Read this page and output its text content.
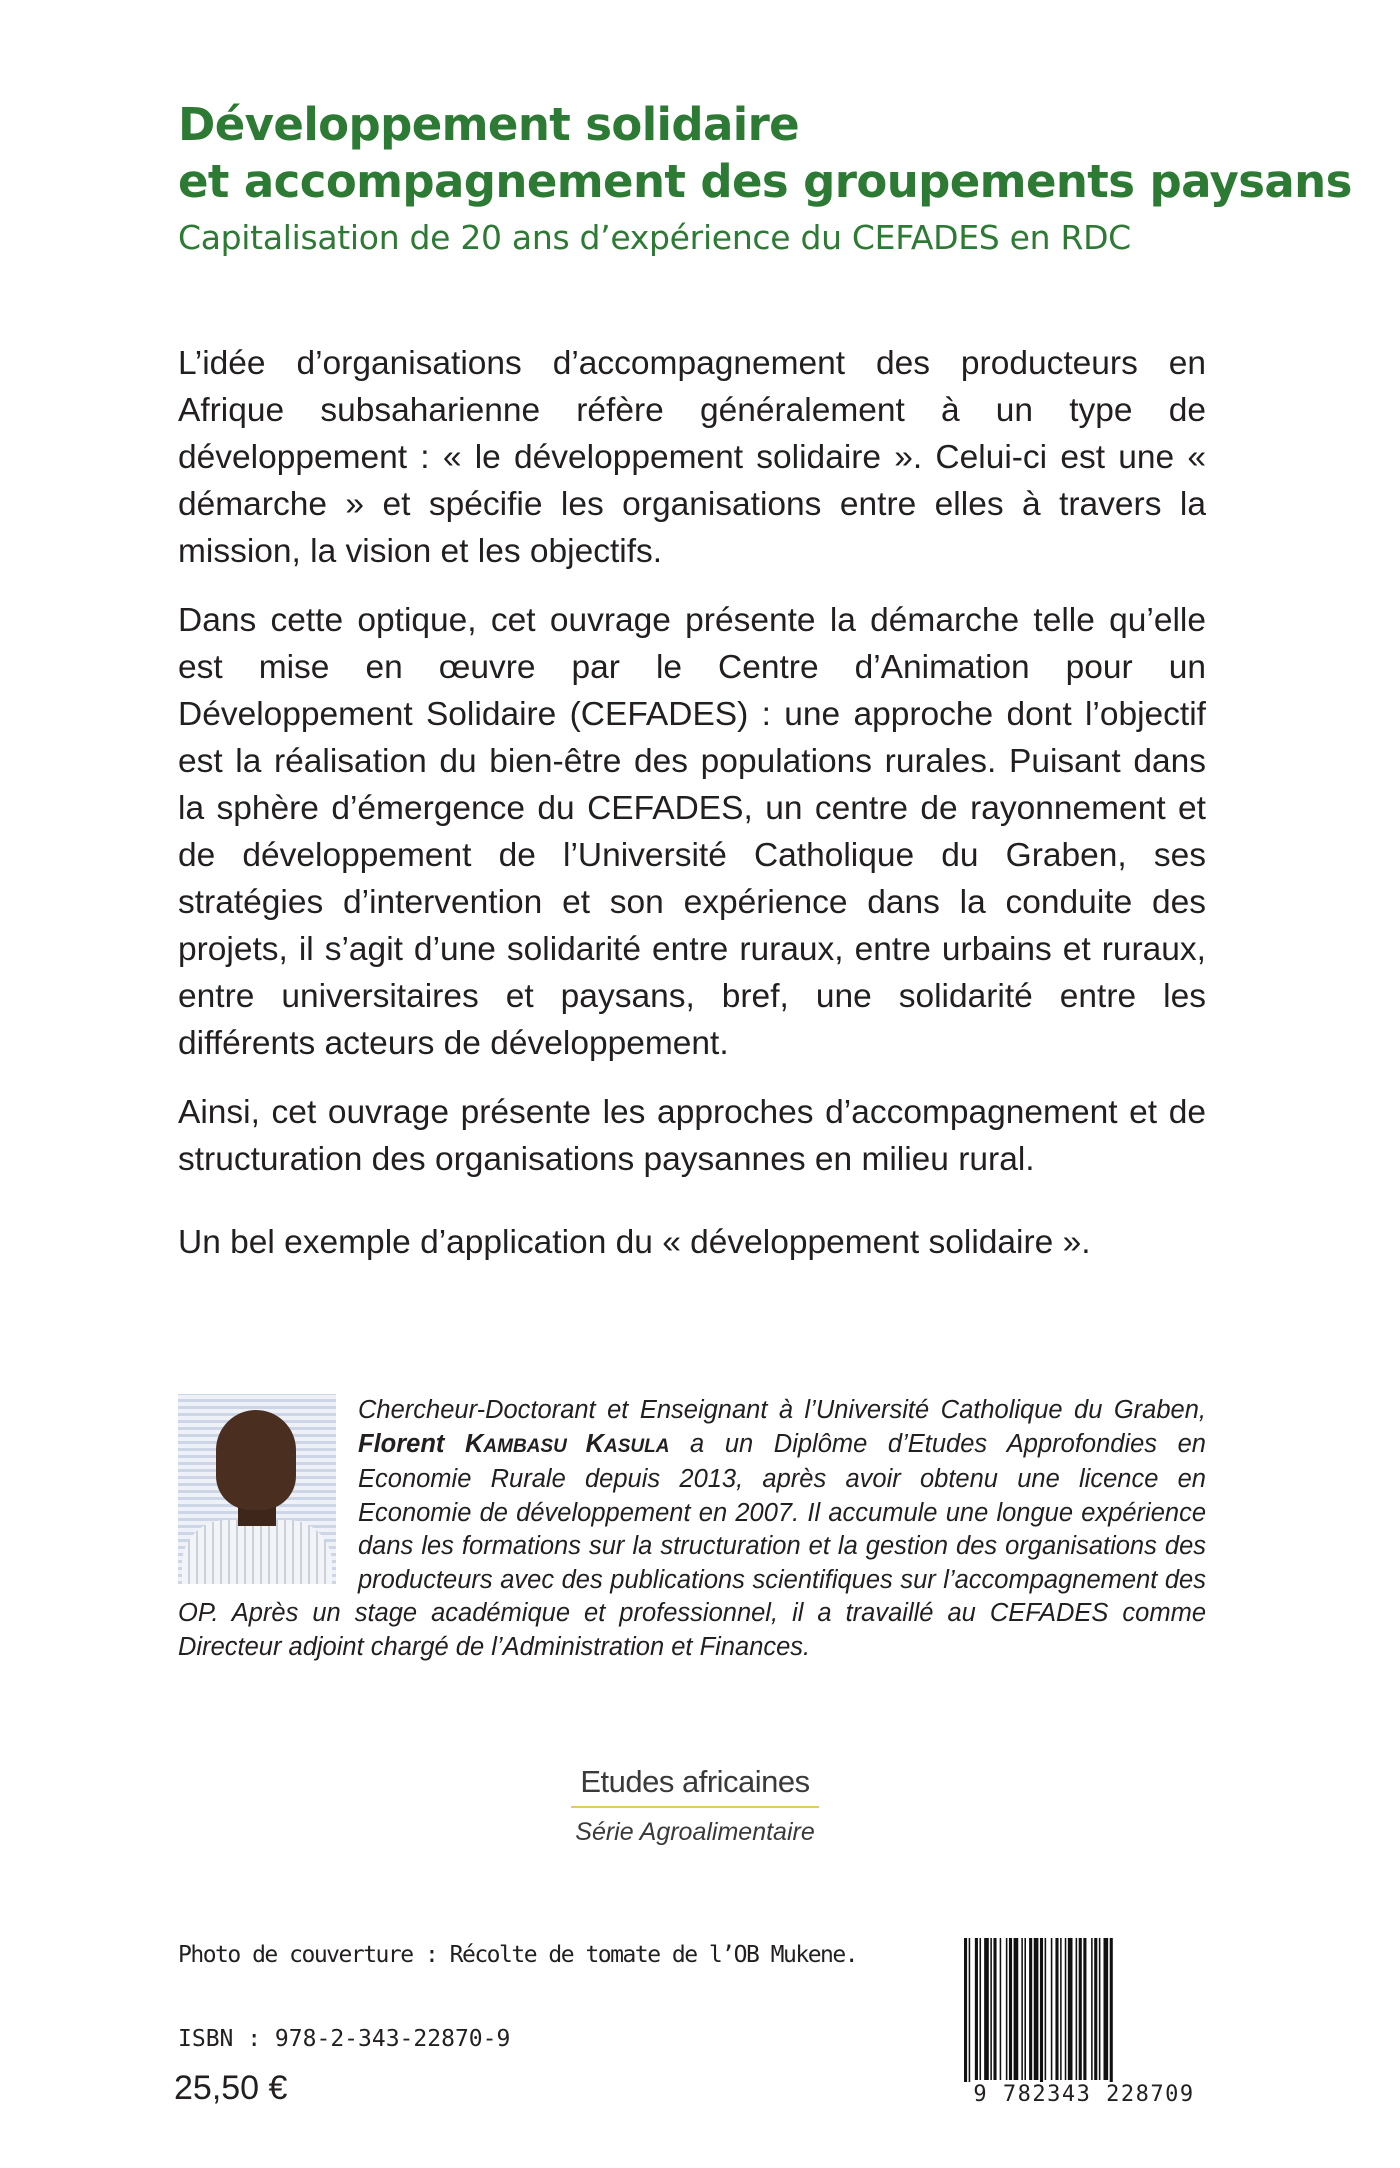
Développement solidaire
et accompagnement des groupements paysans
Capitalisation de 20 ans d’expérience du CEFADES en RDC

L’idée d’organisations d’accompagnement des producteurs en Afrique subsaharienne réfère généralement à un type de développement : « le développement solidaire ». Celui-ci est une « démarche » et spécifie les organisations entre elles à travers la mission, la vision et les objectifs.

Dans cette optique, cet ouvrage présente la démarche telle qu’elle est mise en œuvre par le Centre d’Animation pour un Développement Solidaire (CEFADES) : une approche dont l’objectif est la réalisation du bien-être des populations rurales. Puisant dans la sphère d’émergence du CEFADES, un centre de rayonnement et de développement de l’Université Catholique du Graben, ses stratégies d’intervention et son expérience dans la conduite des projets, il s’agit d’une solidarité entre ruraux, entre urbains et ruraux, entre universitaires et paysans, bref, une solidarité entre les différents acteurs de développement.

Ainsi, cet ouvrage présente les approches d’accompagnement et de structuration des organisations paysannes en milieu rural.

Un bel exemple d’application du « développement solidaire ».

Chercheur-Doctorant et Enseignant à l’Université Catholique du Graben, Florent KAMBASU KASULA a un Diplôme d’Etudes Approfondies en Economie Rurale depuis 2013, après avoir obtenu une licence en Economie de développement en 2007. Il accumule une longue expérience dans les formations sur la structuration et la gestion des organisations des producteurs avec des publications scientifiques sur l’accompagnement des OP. Après un stage académique et professionnel, il a travaillé au CEFADES comme Directeur adjoint chargé de l’Administration et Finances.
Etudes africaines
Série Agroalimentaire
Photo de couverture : Récolte de tomate de l’OB Mukene.
ISBN : 978-2-343-22870-9
25,50 €	9 782343 228709
